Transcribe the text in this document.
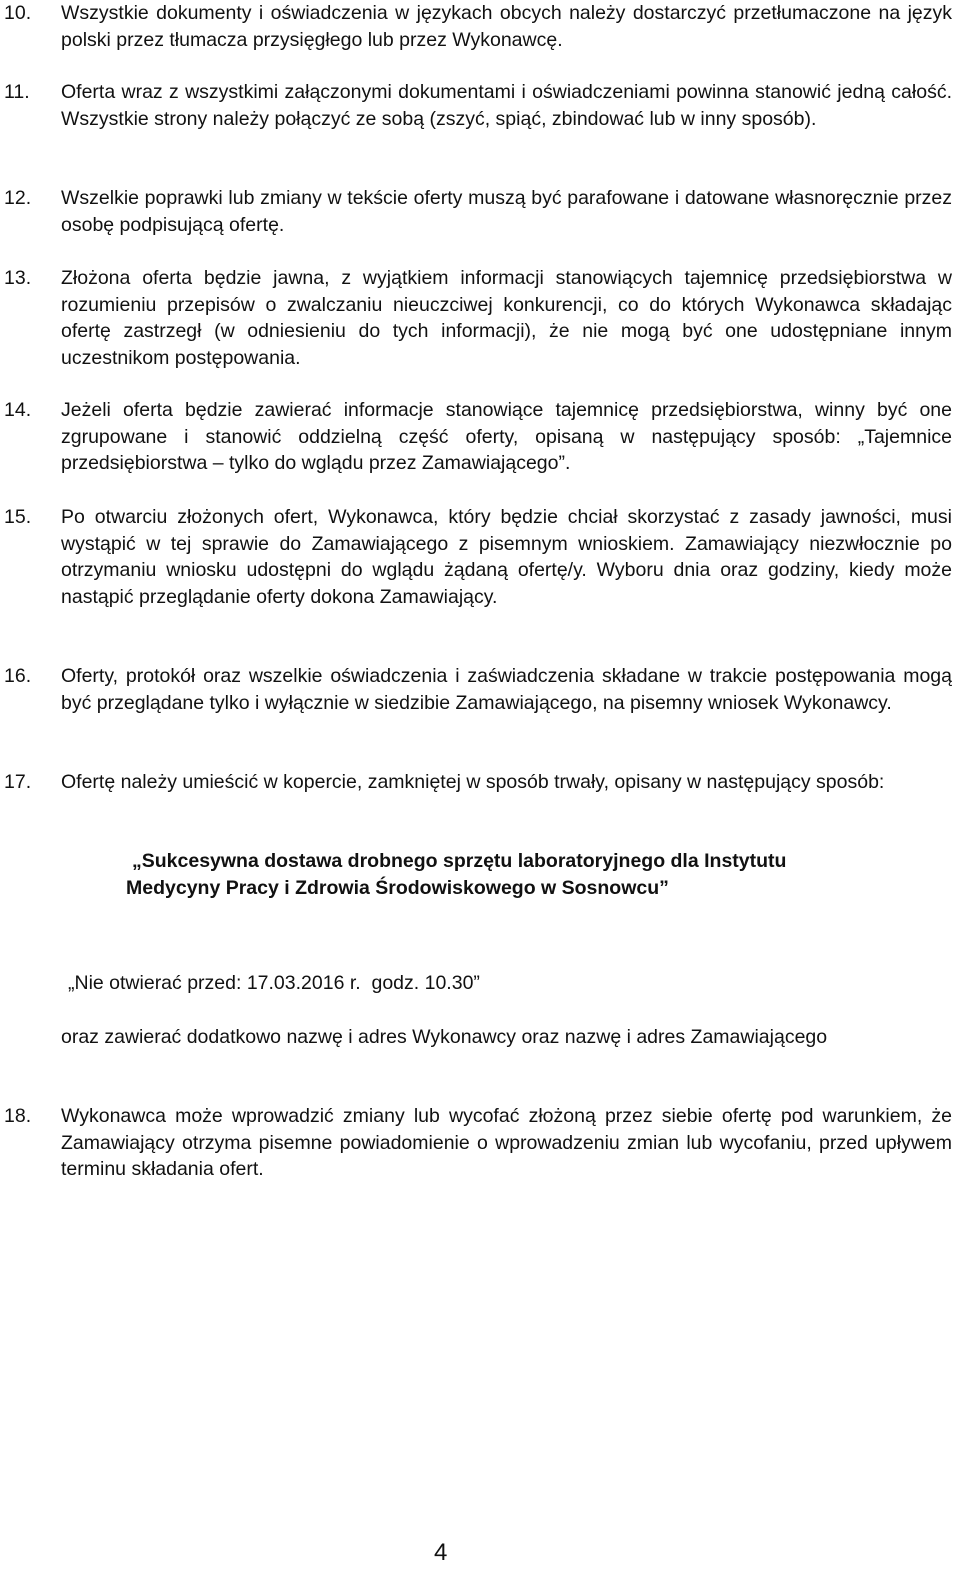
10. Wszystkie dokumenty i oświadczenia w językach obcych należy dostarczyć przetłumaczone na język polski przez tłumacza przysięgłego lub przez Wykonawcę.
11. Oferta wraz z wszystkimi załączonymi dokumentami i oświadczeniami powinna stanowić jedną całość. Wszystkie strony należy połączyć ze sobą (zszyć, spiąć, zbindować lub w inny sposób).
12. Wszelkie poprawki lub zmiany w tekście oferty muszą być parafowane i datowane własnoręcznie przez osobę podpisującą ofertę.
13. Złożona oferta będzie jawna, z wyjątkiem informacji stanowiących tajemnicę przedsiębiorstwa w rozumieniu przepisów o zwalczaniu nieuczciwej konkurencji, co do których Wykonawca składając ofertę zastrzegł (w odniesieniu do tych informacji), że nie mogą być one udostępniane innym uczestnikom postępowania.
14. Jeżeli oferta będzie zawierać informacje stanowiące tajemnicę przedsiębiorstwa, winny być one zgrupowane i stanowić oddzielną część oferty, opisaną w następujący sposób: „Tajemnice przedsiębiorstwa – tylko do wglądu przez Zamawiającego”.
15. Po otwarciu złożonych ofert, Wykonawca, który będzie chciał skorzystać z zasady jawności, musi wystąpić w tej sprawie do Zamawiającego z pisemnym wnioskiem. Zamawiający niezwłocznie po otrzymaniu wniosku udostępni do wglądu żądaną ofertę/y. Wyboru dnia oraz godziny, kiedy może nastąpić przeglądanie oferty dokona Zamawiający.
16. Oferty, protokół oraz wszelkie oświadczenia i zaświadczenia składane w trakcie postępowania mogą być przeglądane tylko i wyłącznie w siedzibie Zamawiającego, na pisemny wniosek Wykonawcy.
17. Ofertę należy umieścić w kopercie, zamkniętej w sposób trwały, opisany w następujący sposób:
„Sukcesywna dostawa drobnego sprzętu laboratoryjnego dla Instytutu
Medycyny Pracy i Zdrowia Środowiskowego w Sosnowcu”
„Nie otwierać przed: 17.03.2016 r.  godz. 10.30”
oraz zawierać dodatkowo nazwę i adres Wykonawcy oraz nazwę i adres Zamawiającego
18. Wykonawca może wprowadzić zmiany lub wycofać złożoną przez siebie ofertę pod warunkiem, że Zamawiający otrzyma pisemne powiadomienie o wprowadzeniu zmian lub wycofaniu, przed upływem terminu składania ofert.
4
